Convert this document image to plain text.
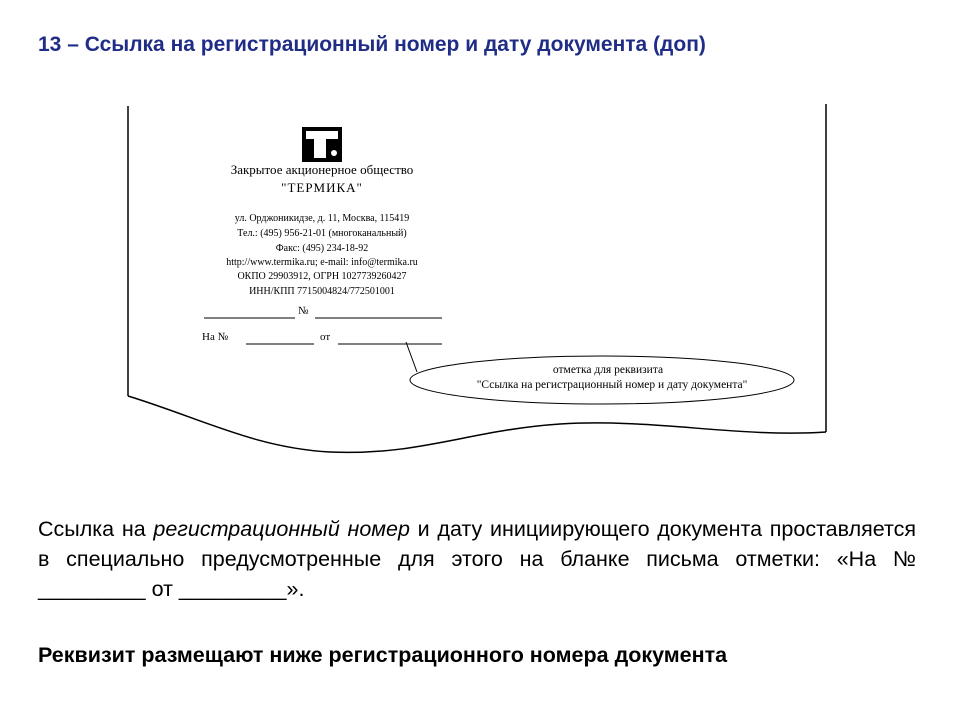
13 – Ссылка на регистрационный номер и дату документа (доп)
Закрытое акционерное общество
"ТЕРМИКА"
ул. Орджоникидзе, д. 11, Москва, 115419
Тел.: (495) 956-21-01 (многоканальный)
Факс: (495) 234-18-92
http://www.termika.ru; e-mail: info@termika.ru
ОКПО 29903912, ОГРН 1027739260427
ИНН/КПП 7715004824/772501001
№
На №	от
отметка для реквизита
"Ссылка на регистрационный номер и дату документа"

Ссылка на регистрационный номер и дату инициирующего документа проставляется в специально предусмотренные для этого на бланке письма отметки: «На № _________ от _________».

Реквизит размещают ниже регистрационного номера документа
